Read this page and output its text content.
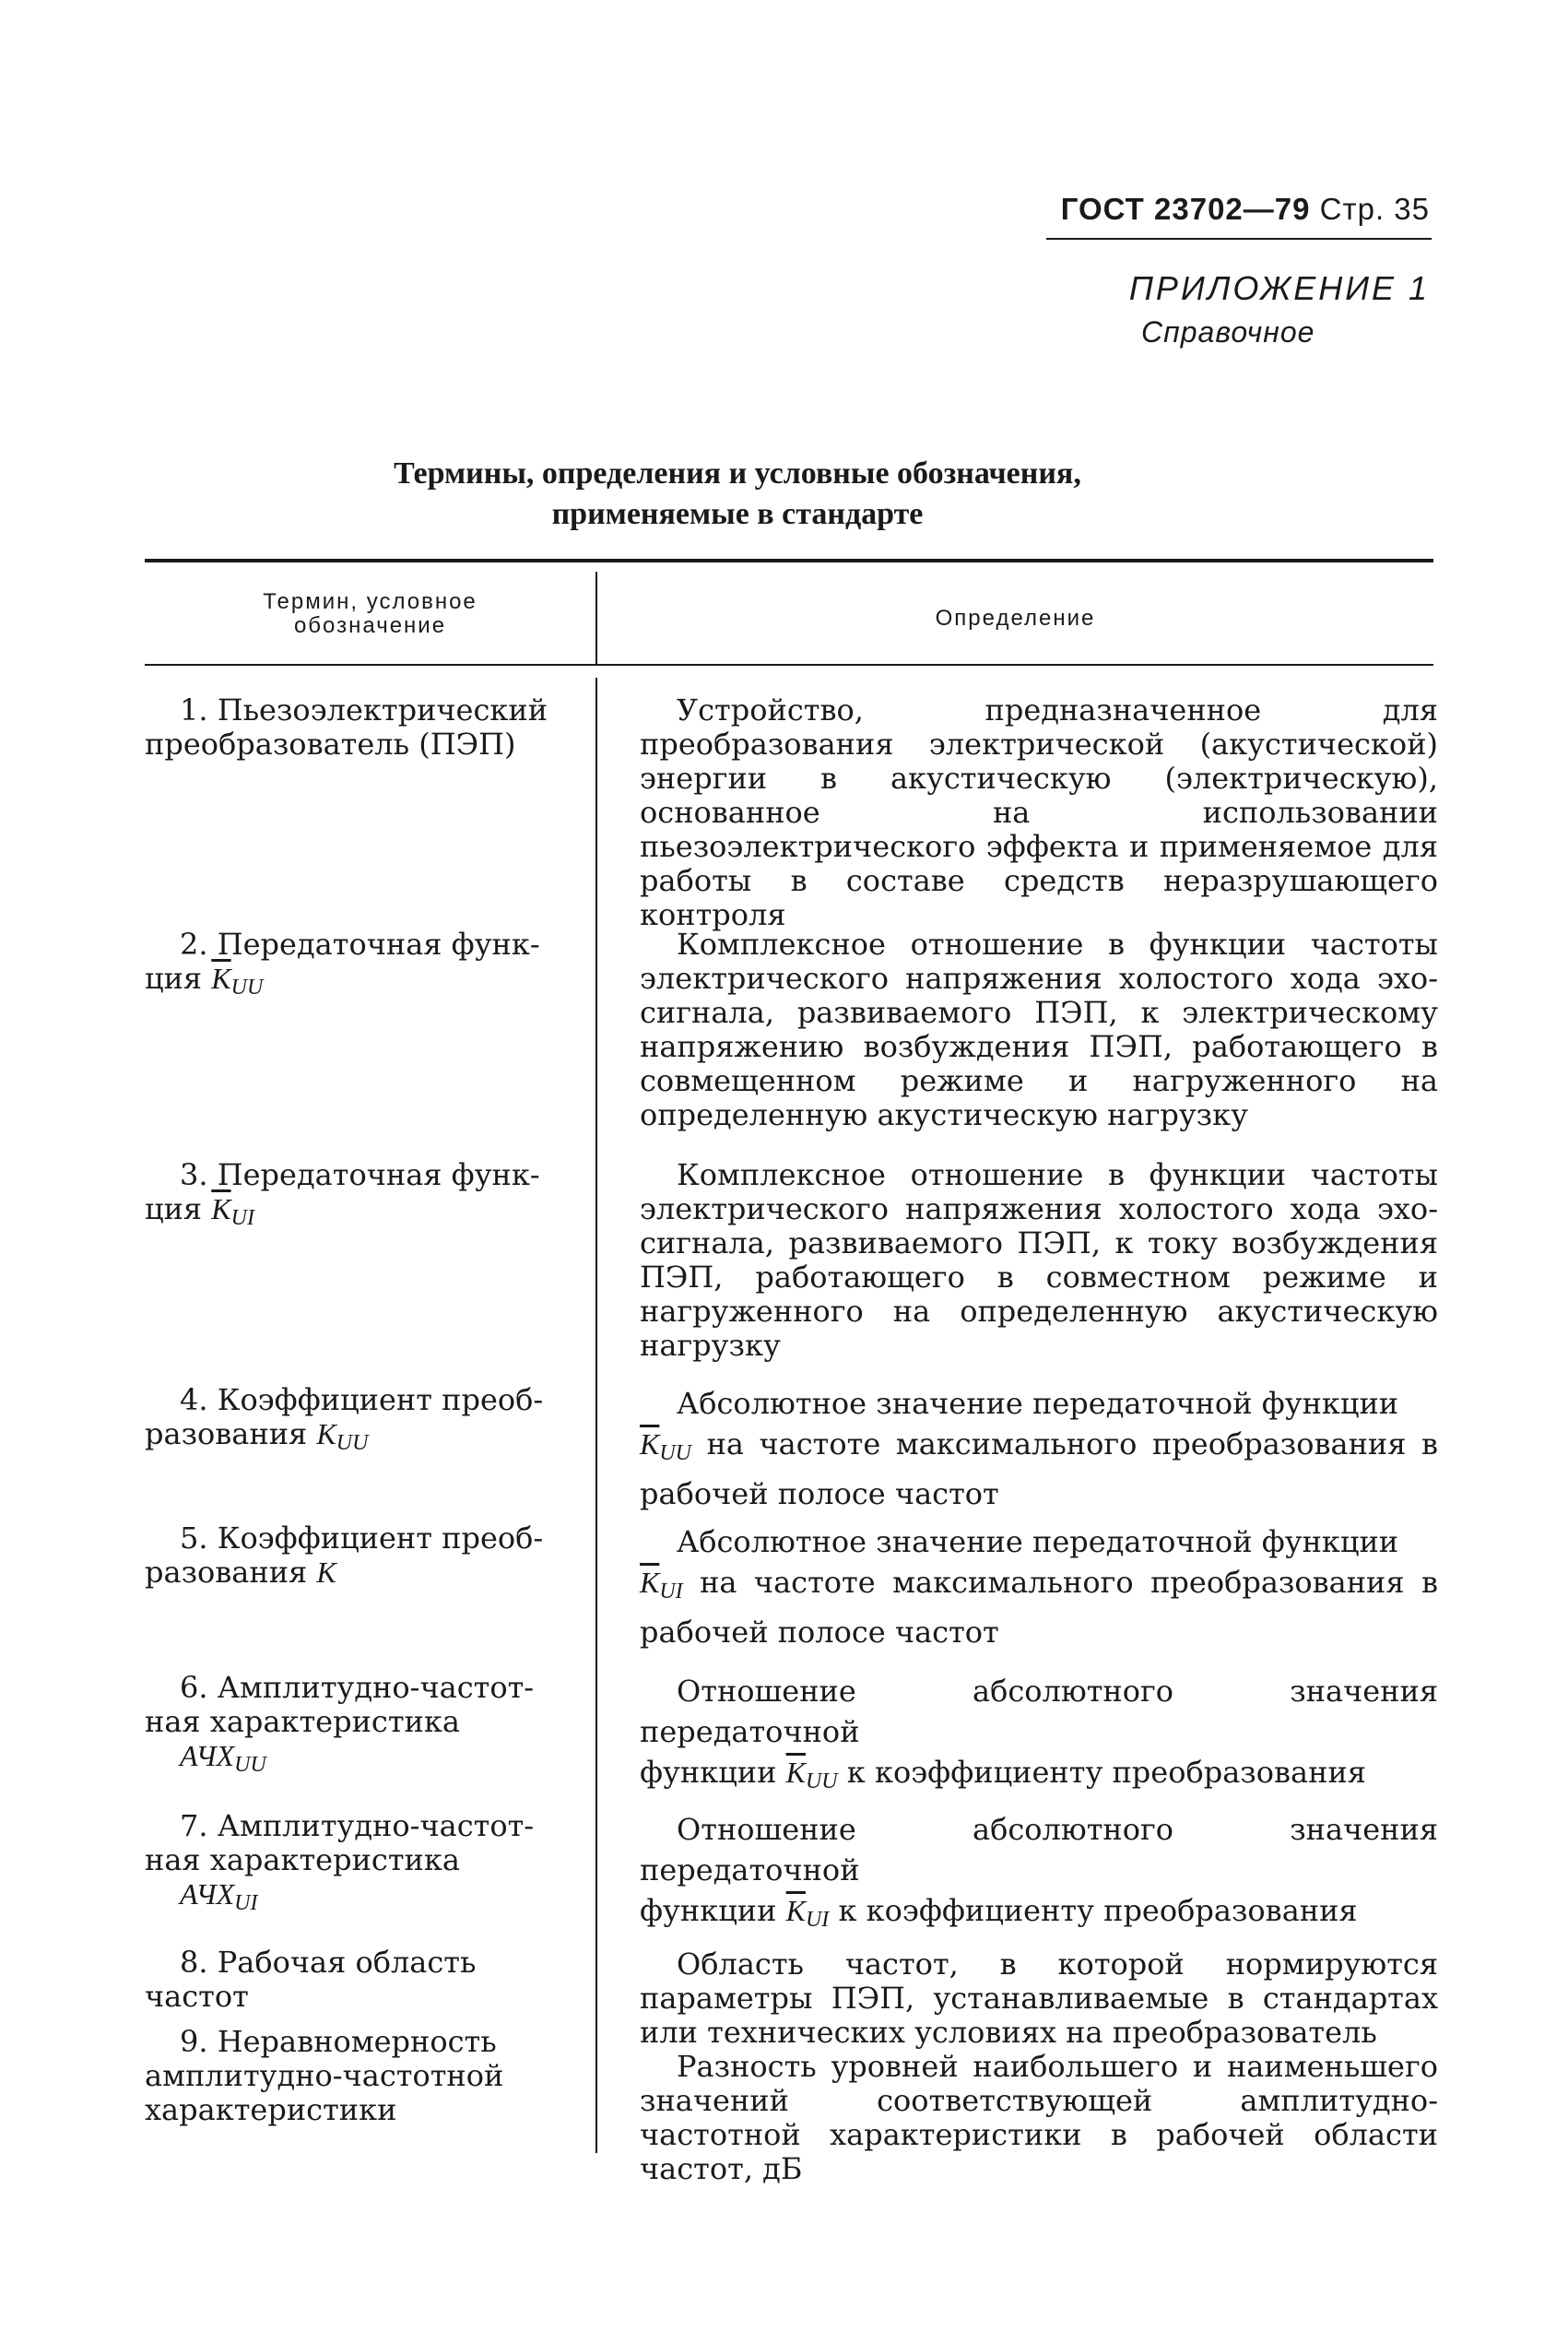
ГОСТ 23702—79 Стр. 35
ПРИЛОЖЕНИЕ 1
Справочное
Термины, определения и условные обозначения,
применяемые в стандарте
Термин, условное
обозначение	Определение

1. Пьезоэлектрический

преобразователь (ПЭП)

Устройство, предназначенное для преобразования электрической (акустической) энергии в акустическую (электрическую), основанное на использовании пьезоэлектрического эффекта и применяемое для работы в составе средств неразрушающего контроля

2. Передаточная функ-

ция $\overline{K}_{UU}$

Комплексное отношение в функции частоты электрического напряжения холостого хода эхо-сигнала, развиваемого ПЭП, к электрическому напряжению возбуждения ПЭП, работающего в совмещенном режиме и нагруженного на определенную акустическую нагрузку

3. Передаточная функ-

ция $\overline{K}_{UI}$

Комплексное отношение в функции частоты электрического напряжения холостого хода эхо-сигнала, развиваемого ПЭП, к току возбуждения ПЭП, работающего в совместном режиме и нагруженного на определенную акустическую нагрузку

4. Коэффициент преоб-

разования $K_{UU}$

Абсолютное значение передаточной функции

$\overline{K}_{UU}$ на частоте максимального преобразования в рабочей полосе частот

5. Коэффициент преоб-

разования K

Абсолютное значение передаточной функции

$\overline{K}_{UI}$ на частоте максимального преобразования в рабочей полосе частот

6. Амплитудно-частот-

ная характеристика

$АЧХ_{UU}$

Отношение абсолютного значения передаточной

функции $\overline{K}_{UU}$ к коэффициенту преобразования

7. Амплитудно-частот-

ная характеристика

$АЧХ_{UI}$

Отношение абсолютного значения передаточной

функции $\overline{K}_{UI}$ к коэффициенту преобразования

8. Рабочая область

частот

Область частот, в которой нормируются параметры ПЭП, устанавливаемые в стандартах или технических условиях на преобразователь

9. Неравномерность

амплитудно-частотной

характеристики

Разность уровней наибольшего и наименьшего значений соответствующей амплитудно-частотной характеристики в рабочей области частот, дБ
